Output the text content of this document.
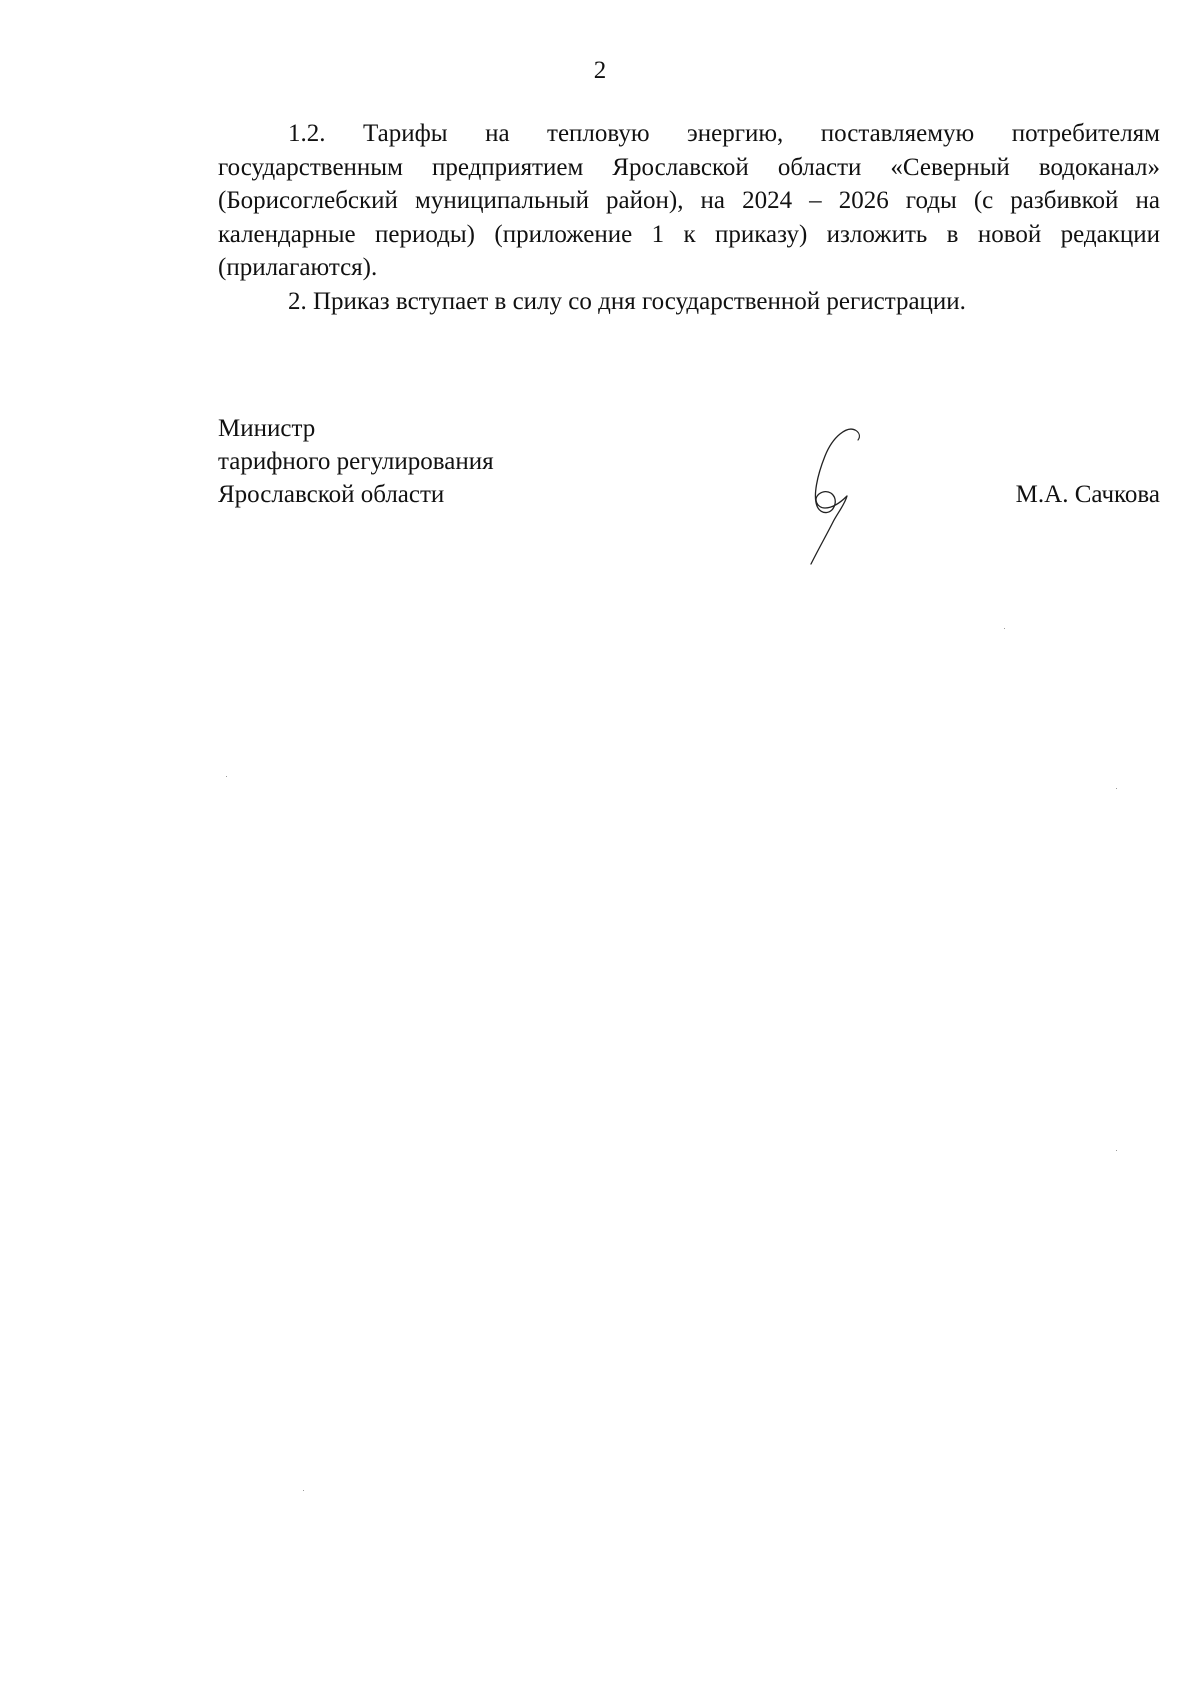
2

1.2. Тарифы на тепловую энергию, поставляемую потребителям государственным предприятием Ярославской области «Северный водоканал» (Борисоглебский муниципальный район), на 2024 – 2026 годы (с разбивкой на календарные периоды) (приложение 1 к приказу) изложить в новой редакции (прилагаются).

2. Приказ вступает в силу со дня государственной регистрации.

Министр
тарифного регулирования
Ярославской области	М.А. Сачкова
